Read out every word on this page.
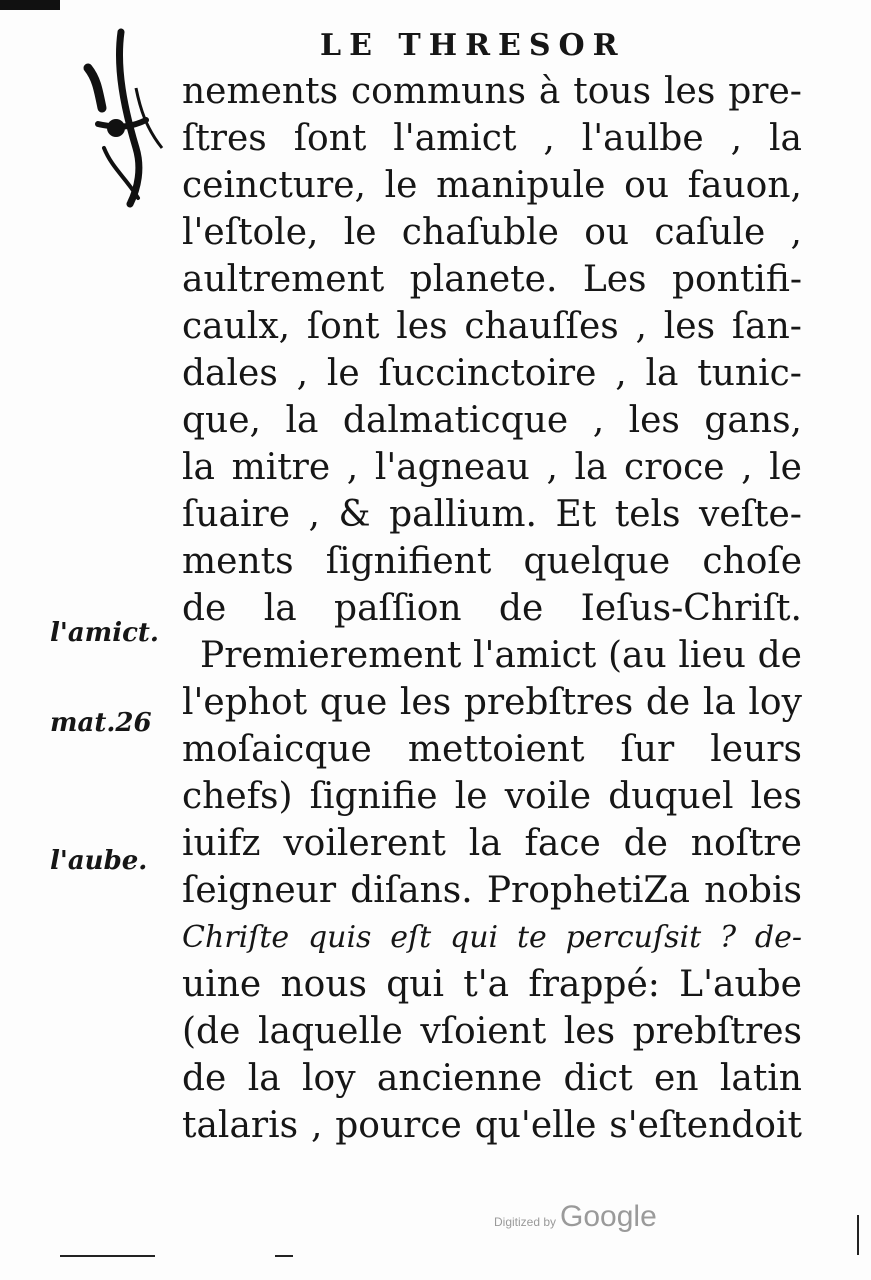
LE THRESOR
nements communs à tous les pre-
ſtres ſont l'amict , l'aulbe , la
ceincture, le manipule ou fauon,
l'eſtole, le chaſuble ou caſule ,
aultrement planete. Les pontifi-
caulx, ſont les chauſſes , les ſan-
dales , le ſuccinctoire , la tunic-
que, la dalmaticque , les gans,
la mitre , l'agneau , la croce , le
ſuaire , & pallium. Et tels veſte-
ments ſignifient quelque choſe
de la paſſion de Ieſus-Chriſt.
Premierement l'amict (au lieu de
l'ephot que les prebſtres de la loy
moſaicque mettoient ſur leurs
chefs) ſignifie le voile duquel les
iuifz voilerent la face de noſtre
ſeigneur diſans. ProphetiΖa nobis
Chriſte quis eſt qui te percuſsit ? de-
uine nous qui t'a frappé: L'aube
(de laquelle vſoient les prebſtres
de la loy ancienne dict en latin
talaris , pource qu'elle s'eſtendoit
l'amict.
mat.26
l'aube.
Digitized by Google
